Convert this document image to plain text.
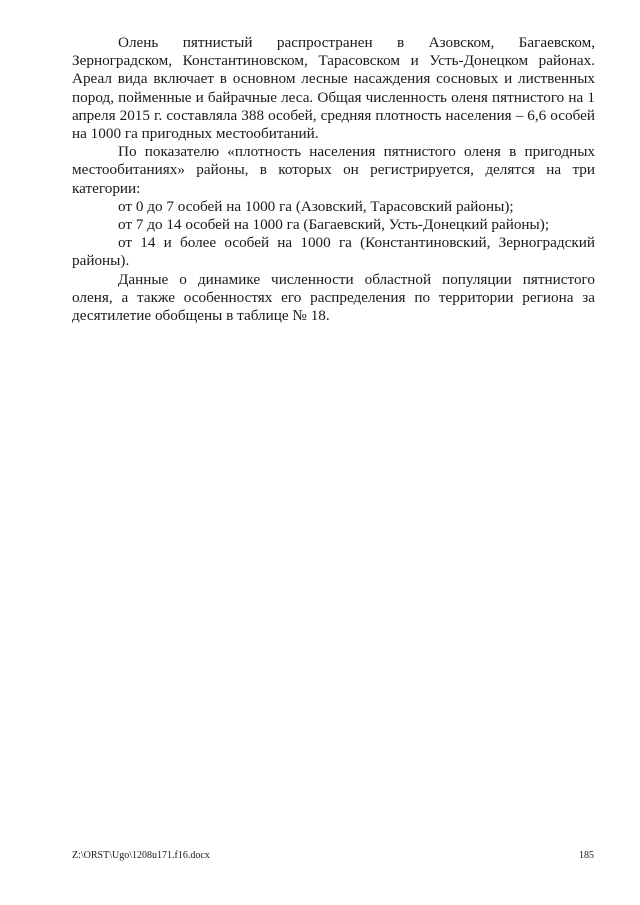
Олень пятнистый распространен в Азовском, Багаевском, Зерноградском, Константиновском, Тарасовском и Усть-Донецком районах. Ареал вида включает в основном лесные насаждения сосновых и лиственных пород, пойменные и байрачные леса. Общая численность оленя пятнистого на 1 апреля 2015 г. составляла 388 особей, средняя плотность населения – 6,6 особей на 1000 га пригодных местообитаний.

По показателю «плотность населения пятнистого оленя в пригодных местообитаниях» районы, в которых он регистрируется, делятся на три категории:

от 0 до 7 особей на 1000 га (Азовский, Тарасовский районы);

от 7 до 14 особей на 1000 га (Багаевский, Усть-Донецкий районы);

от 14 и более особей на 1000 га (Константиновский, Зерноградский районы).

Данные о динамике численности областной популяции пятнистого оленя, а также особенностях его распределения по территории региона за десятилетие обобщены в таблице № 18.

Z:\ORST\Ugo\1208u171.f16.docx	185
